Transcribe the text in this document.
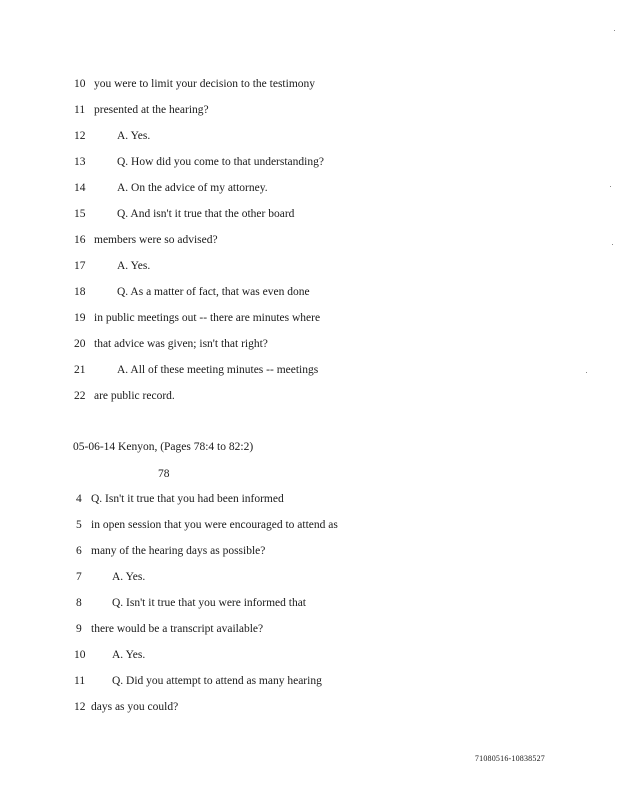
10 you were to limit your decision to the testimony
11 presented at the hearing?
12	A. Yes.
13	Q. How did you come to that understanding?
14	A. On the advice of my attorney.
15	Q. And isn't it true that the other board
16 members were so advised?
17	A. Yes.
18	Q. As a matter of fact, that was even done
19 in public meetings out -- there are minutes where
20 that advice was given; isn't that right?
21	A. All of these meeting minutes -- meetings
22 are public record.
05-06-14 Kenyon, (Pages 78:4 to 82:2)
78
4 Q. Isn't it true that you had been informed
5 in open session that you were encouraged to attend as
6 many of the hearing days as possible?
7	A. Yes.
8	Q. Isn't it true that you were informed that
9 there would be a transcript available?
10 A. Yes.
11 Q. Did you attempt to attend as many hearing
12 days as you could?
71080516-10838527
